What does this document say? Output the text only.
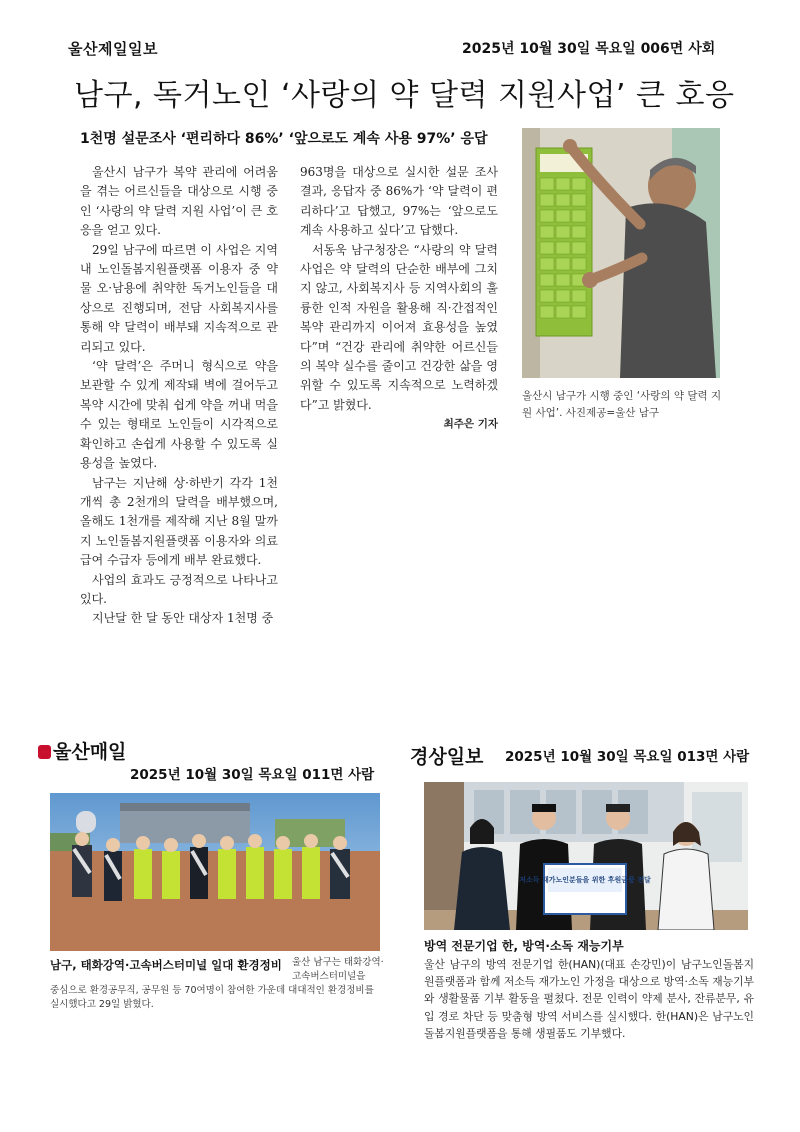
울산제일일보	2025년 10월 30일 목요일 006면 사회
남구, 독거노인 ‘사랑의 약 달력 지원사업’ 큰 호응
1천명 설문조사 ‘편리하다 86%’ ‘앞으로도 계속 사용 97%’ 응답

울산시 남구가 복약 관리에 어려움을 겪는 어르신들을 대상으로 시행 중인 ‘사랑의 약 달력 지원 사업’이 큰 호응을 얻고 있다.

29일 남구에 따르면 이 사업은 지역 내 노인돌봄지원플랫폼 이용자 중 약물 오·남용에 취약한 독거노인들을 대상으로 진행되며, 전담 사회복지사를 통해 약 달력이 배부돼 지속적으로 관리되고 있다.

‘약 달력’은 주머니 형식으로 약을 보관할 수 있게 제작돼 벽에 걸어두고 복약 시간에 맞춰 쉽게 약을 꺼내 먹을 수 있는 형태로 노인들이 시각적으로 확인하고 손쉽게 사용할 수 있도록 실용성을 높였다.

남구는 지난해 상·하반기 각각 1천개씩 총 2천개의 달력을 배부했으며, 올해도 1천개를 제작해 지난 8월 말까지 노인돌봄지원플랫폼 이용자와 의료급여 수급자 등에게 배부 완료했다.

사업의 효과도 긍정적으로 나타나고 있다.

지난달 한 달 동안 대상자 1천명 중

963명을 대상으로 실시한 설문 조사 결과, 응답자 중 86%가 ‘약 달력이 편리하다’고 답했고, 97%는 ‘앞으로도 계속 사용하고 싶다’고 답했다.

서동욱 남구청장은 “사랑의 약 달력 사업은 약 달력의 단순한 배부에 그치지 않고, 사회복지사 등 지역사회의 훌륭한 인적 자원을 활용해 직·간접적인 복약 관리까지 이어져 효용성을 높였다”며 “건강 관리에 취약한 어르신들의 복약 실수를 줄이고 건강한 삶을 영위할 수 있도록 지속적으로 노력하겠다”고 밝혔다.

최주은 기자
울산시 남구가 시행 중인 ‘사랑의 약 달력 지원 사업’. 사진제공=울산 남구
울산매일
2025년 10월 30일 목요일 011면 사람
남구, 태화강역·고속버스터미널 일대 환경정비 울산 남구는 태화강역·고속버스터미널을
중심으로 환경공무직, 공무원 등 70여명이 참여한 가운데 대대적인 환경정비를 실시했다고 29일 밝혔다.
경상일보 2025년 10월 30일 목요일 013면 사람
저소득 재가노인분들을 위한 후원금품 전달
방역 전문기업 한, 방역·소독 재능기부
울산 남구의 방역 전문기업 한(HAN)(대표 손강민)이 남구노인돌봄지원플랫폼과 함께 저소득 재가노인 가정을 대상으로 방역·소독 재능기부와 생활물품 기부 활동을 펼쳤다. 전문 인력이 약제 분사, 잔류분무, 유입 경로 차단 등 맞춤형 방역 서비스를 실시했다. 한(HAN)은 남구노인돌봄지원플랫폼을 통해 생필품도 기부했다.
